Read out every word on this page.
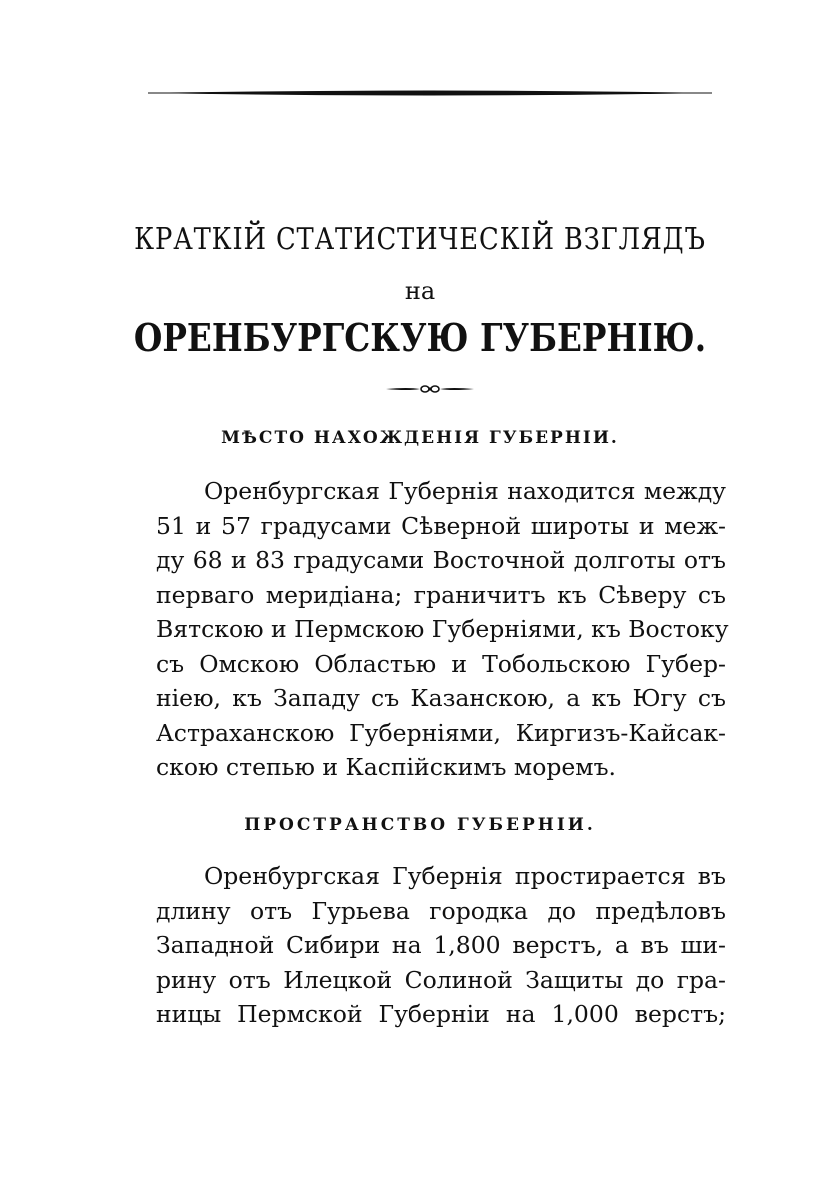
КРАТКІЙ СТАТИСТИЧЕСКІЙ ВЗГЛЯДЪ
на
ОРЕНБУРГСКУЮ ГУБЕРНІЮ.
МѢСТО НАХОЖДЕНІЯ ГУБЕРНІИ.
Оренбургская Губернія находится между
51 и 57 градусами Сѣверной широты и меж-
ду 68 и 83 градусами Восточной долготы отъ
перваго меридіана; граничитъ къ Сѣверу съ
Вятскою и Пермскою Губерніями, къ Востоку
съ Омскою Областью и Тобольскою Губер-
ніею, къ Западу съ Казанскою, а къ Югу съ
Астраханскою Губерніями, Киргизъ-Кайсак-
скою степью и Каспійскимъ моремъ.
ПРОСТРАНСТВО ГУБЕРНІИ.
Оренбургская Губернія простирается въ
длину отъ Гурьева городка до предѣловъ
Западной Сибири на 1,800 верстъ, а въ ши-
рину отъ Илецкой Солиной Защиты до гра-
ницы Пермской Губерніи на 1,000 верстъ;
